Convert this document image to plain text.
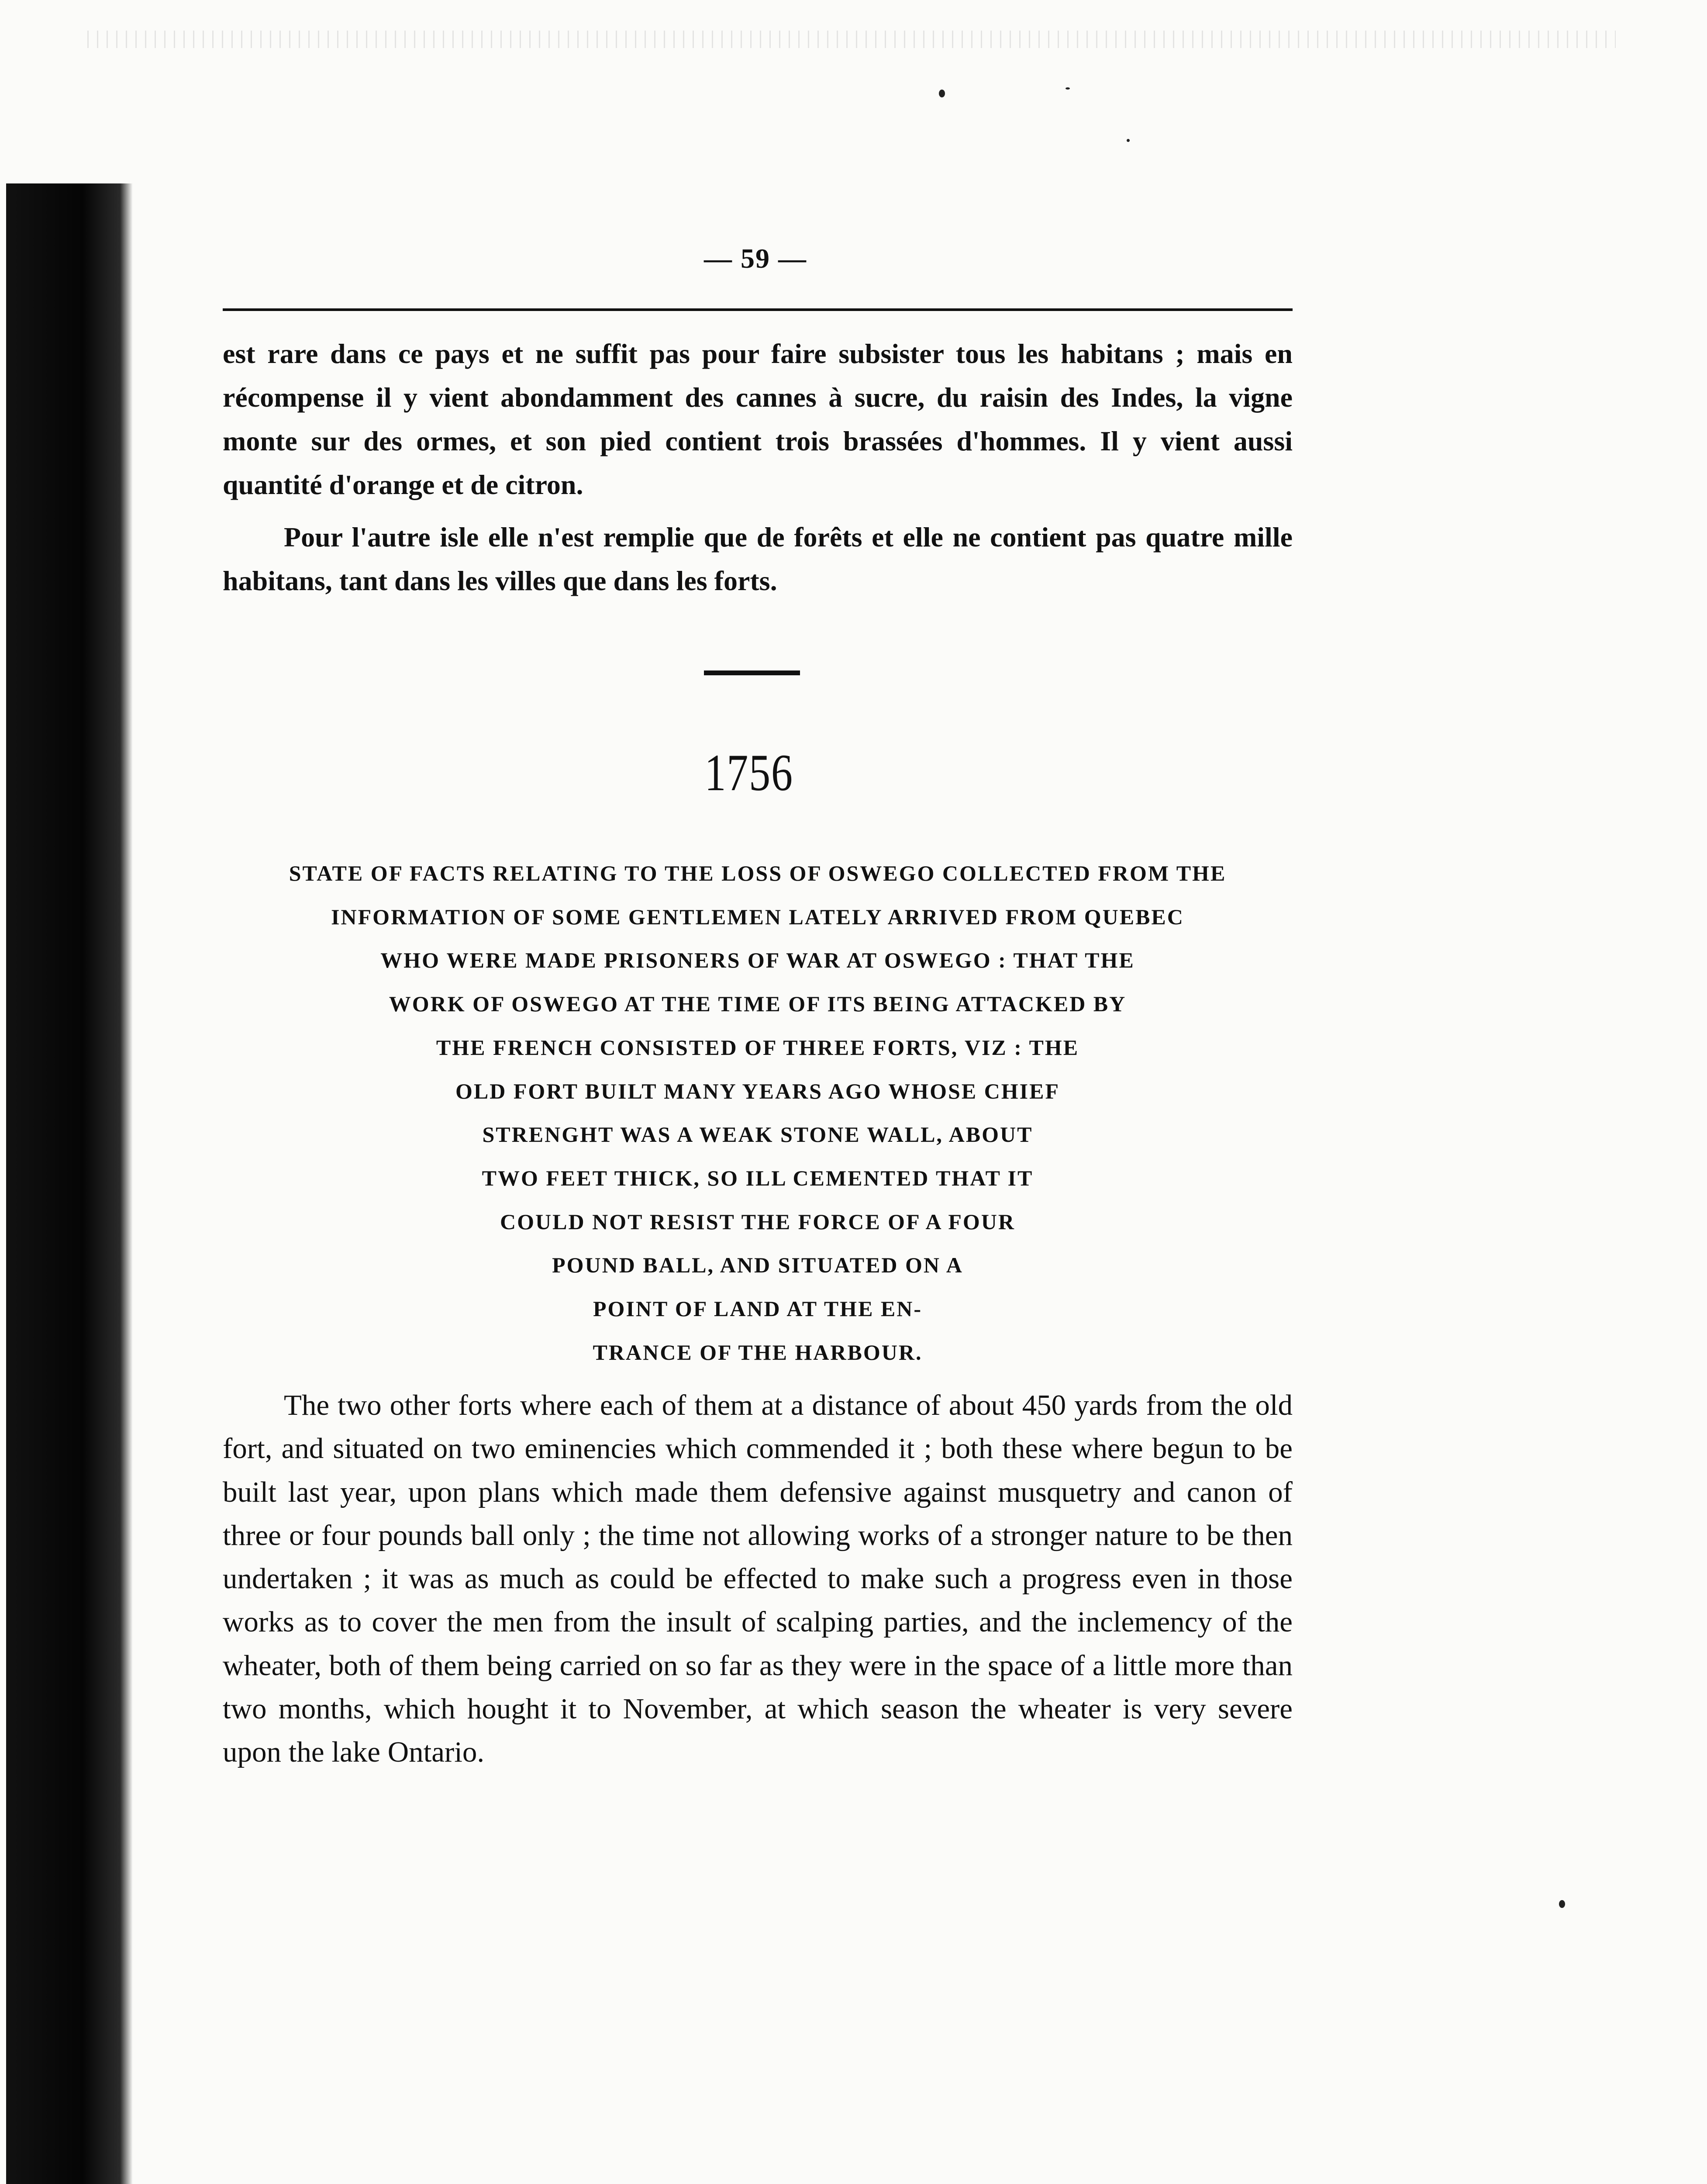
— 59 —

est rare dans ce pays et ne suffit pas pour faire subsister tous les habitans ; mais en récompense il y vient abondamment des cannes à sucre, du raisin des Indes, la vigne monte sur des ormes, et son pied contient trois brassées d'hommes. Il y vient aussi quantité d'orange et de citron.

Pour l'autre isle elle n'est remplie que de forêts et elle ne contient pas quatre mille habitans, tant dans les villes que dans les forts.

1756
STATE OF FACTS RELATING TO THE LOSS OF OSWEGO COLLECTED FROM THE
INFORMATION OF SOME GENTLEMEN LATELY ARRIVED FROM QUEBEC
WHO WERE MADE PRISONERS OF WAR AT OSWEGO : THAT THE
WORK OF OSWEGO AT THE TIME OF ITS BEING ATTACKED BY
THE FRENCH CONSISTED OF THREE FORTS, VIZ : THE
OLD FORT BUILT MANY YEARS AGO WHOSE CHIEF
STRENGHT WAS A WEAK STONE WALL, ABOUT
TWO FEET THICK, SO ILL CEMENTED THAT IT
COULD NOT RESIST THE FORCE OF A FOUR
POUND BALL, AND SITUATED ON A
POINT OF LAND AT THE EN-
TRANCE OF THE HARBOUR.

The two other forts where each of them at a distance of about 450 yards from the old fort, and situated on two eminencies which commended it ; both these where begun to be built last year, upon plans which made them defensive against musquetry and canon of three or four pounds ball only ; the time not allowing works of a stronger nature to be then undertaken ; it was as much as could be effected to make such a progress even in those works as to cover the men from the insult of scalping parties, and the inclemency of the wheater, both of them being carried on so far as they were in the space of a little more than two months, which hought it to November, at which season the wheater is very severe upon the lake Ontario.
